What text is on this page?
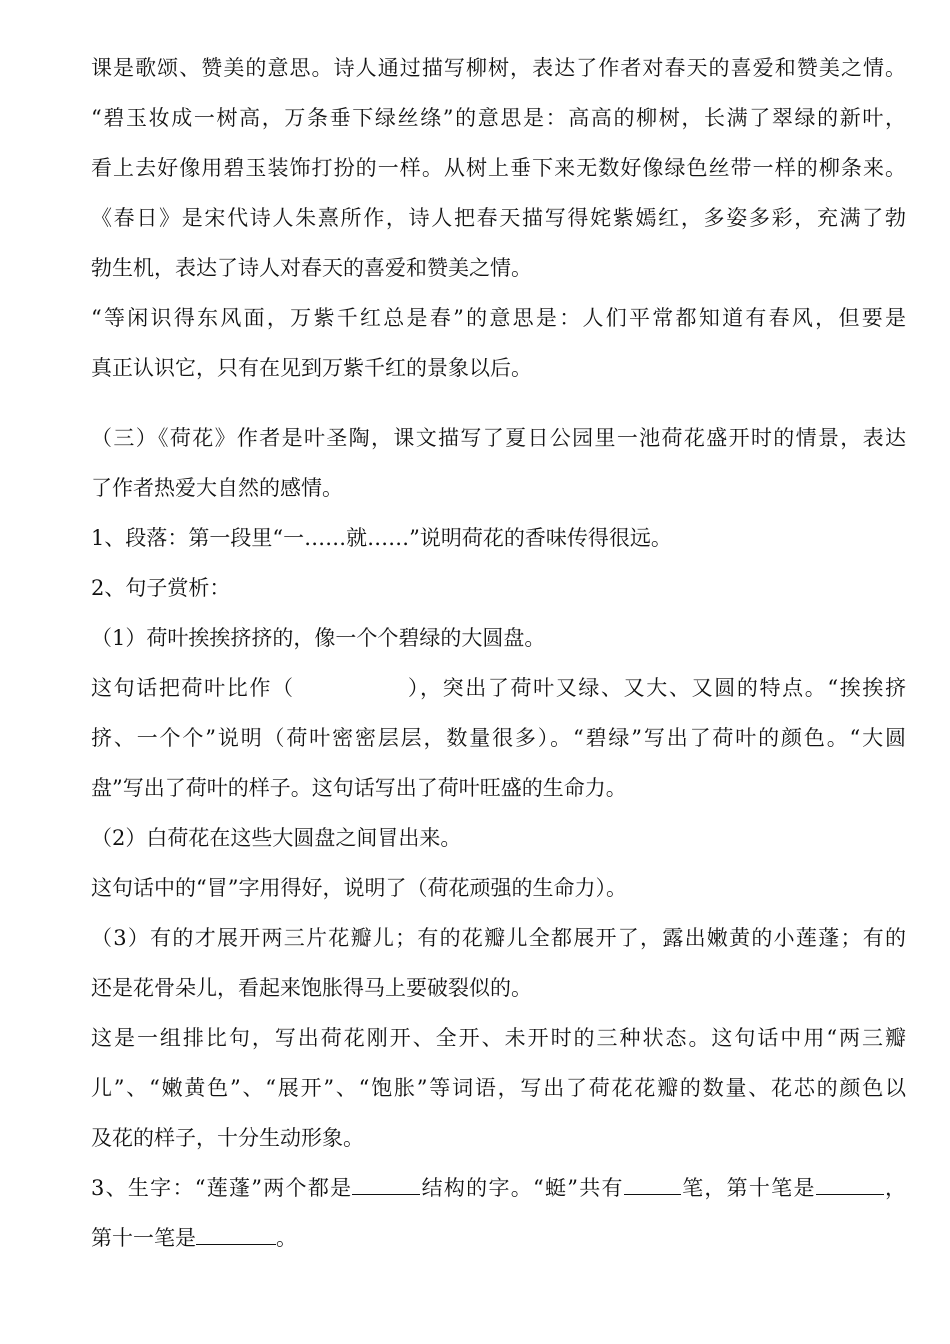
课是歌颂、赞美的意思。诗人通过描写柳树，表达了作者对春天的喜爱和赞美之情。
“碧玉妆成一树高，万条垂下绿丝绦”的意思是：高高的柳树，长满了翠绿的新叶，
看上去好像用碧玉装饰打扮的一样。从树上垂下来无数好像绿色丝带一样的柳条来。
《春日》是宋代诗人朱熹所作，诗人把春天描写得姹紫嫣红，多姿多彩，充满了勃
勃生机，表达了诗人对春天的喜爱和赞美之情。
“等闲识得东风面，万紫千红总是春”的意思是：人们平常都知道有春风，但要是
真正认识它，只有在见到万紫千红的景象以后。
（三）《荷花》作者是叶圣陶，课文描写了夏日公园里一池荷花盛开时的情景，表达
了作者热爱大自然的感情。
1、段落：第一段里“一……就……”说明荷花的香味传得很远。
2、句子赏析：
（1）荷叶挨挨挤挤的，像一个个碧绿的大圆盘。
这句话把荷叶比作（　　　　　），突出了荷叶又绿、又大、又圆的特点。“挨挨挤
挤、一个个”说明（荷叶密密层层，数量很多）。“碧绿”写出了荷叶的颜色。“大圆
盘”写出了荷叶的样子。这句话写出了荷叶旺盛的生命力。
（2）白荷花在这些大圆盘之间冒出来。
这句话中的“冒”字用得好，说明了（荷花顽强的生命力）。
（3）有的才展开两三片花瓣儿；有的花瓣儿全都展开了，露出嫩黄的小莲蓬；有的
还是花骨朵儿，看起来饱胀得马上要破裂似的。
这是一组排比句，写出荷花刚开、全开、未开时的三种状态。这句话中用“两三瓣
儿”、“嫩黄色”、“展开”、“饱胀”等词语，写出了荷花花瓣的数量、花芯的颜色以
及花的样子，十分生动形象。
3、生字：“莲蓬”两个都是	结构的字。“蜓”共有	笔，第十笔是	，
第十一笔是	。
